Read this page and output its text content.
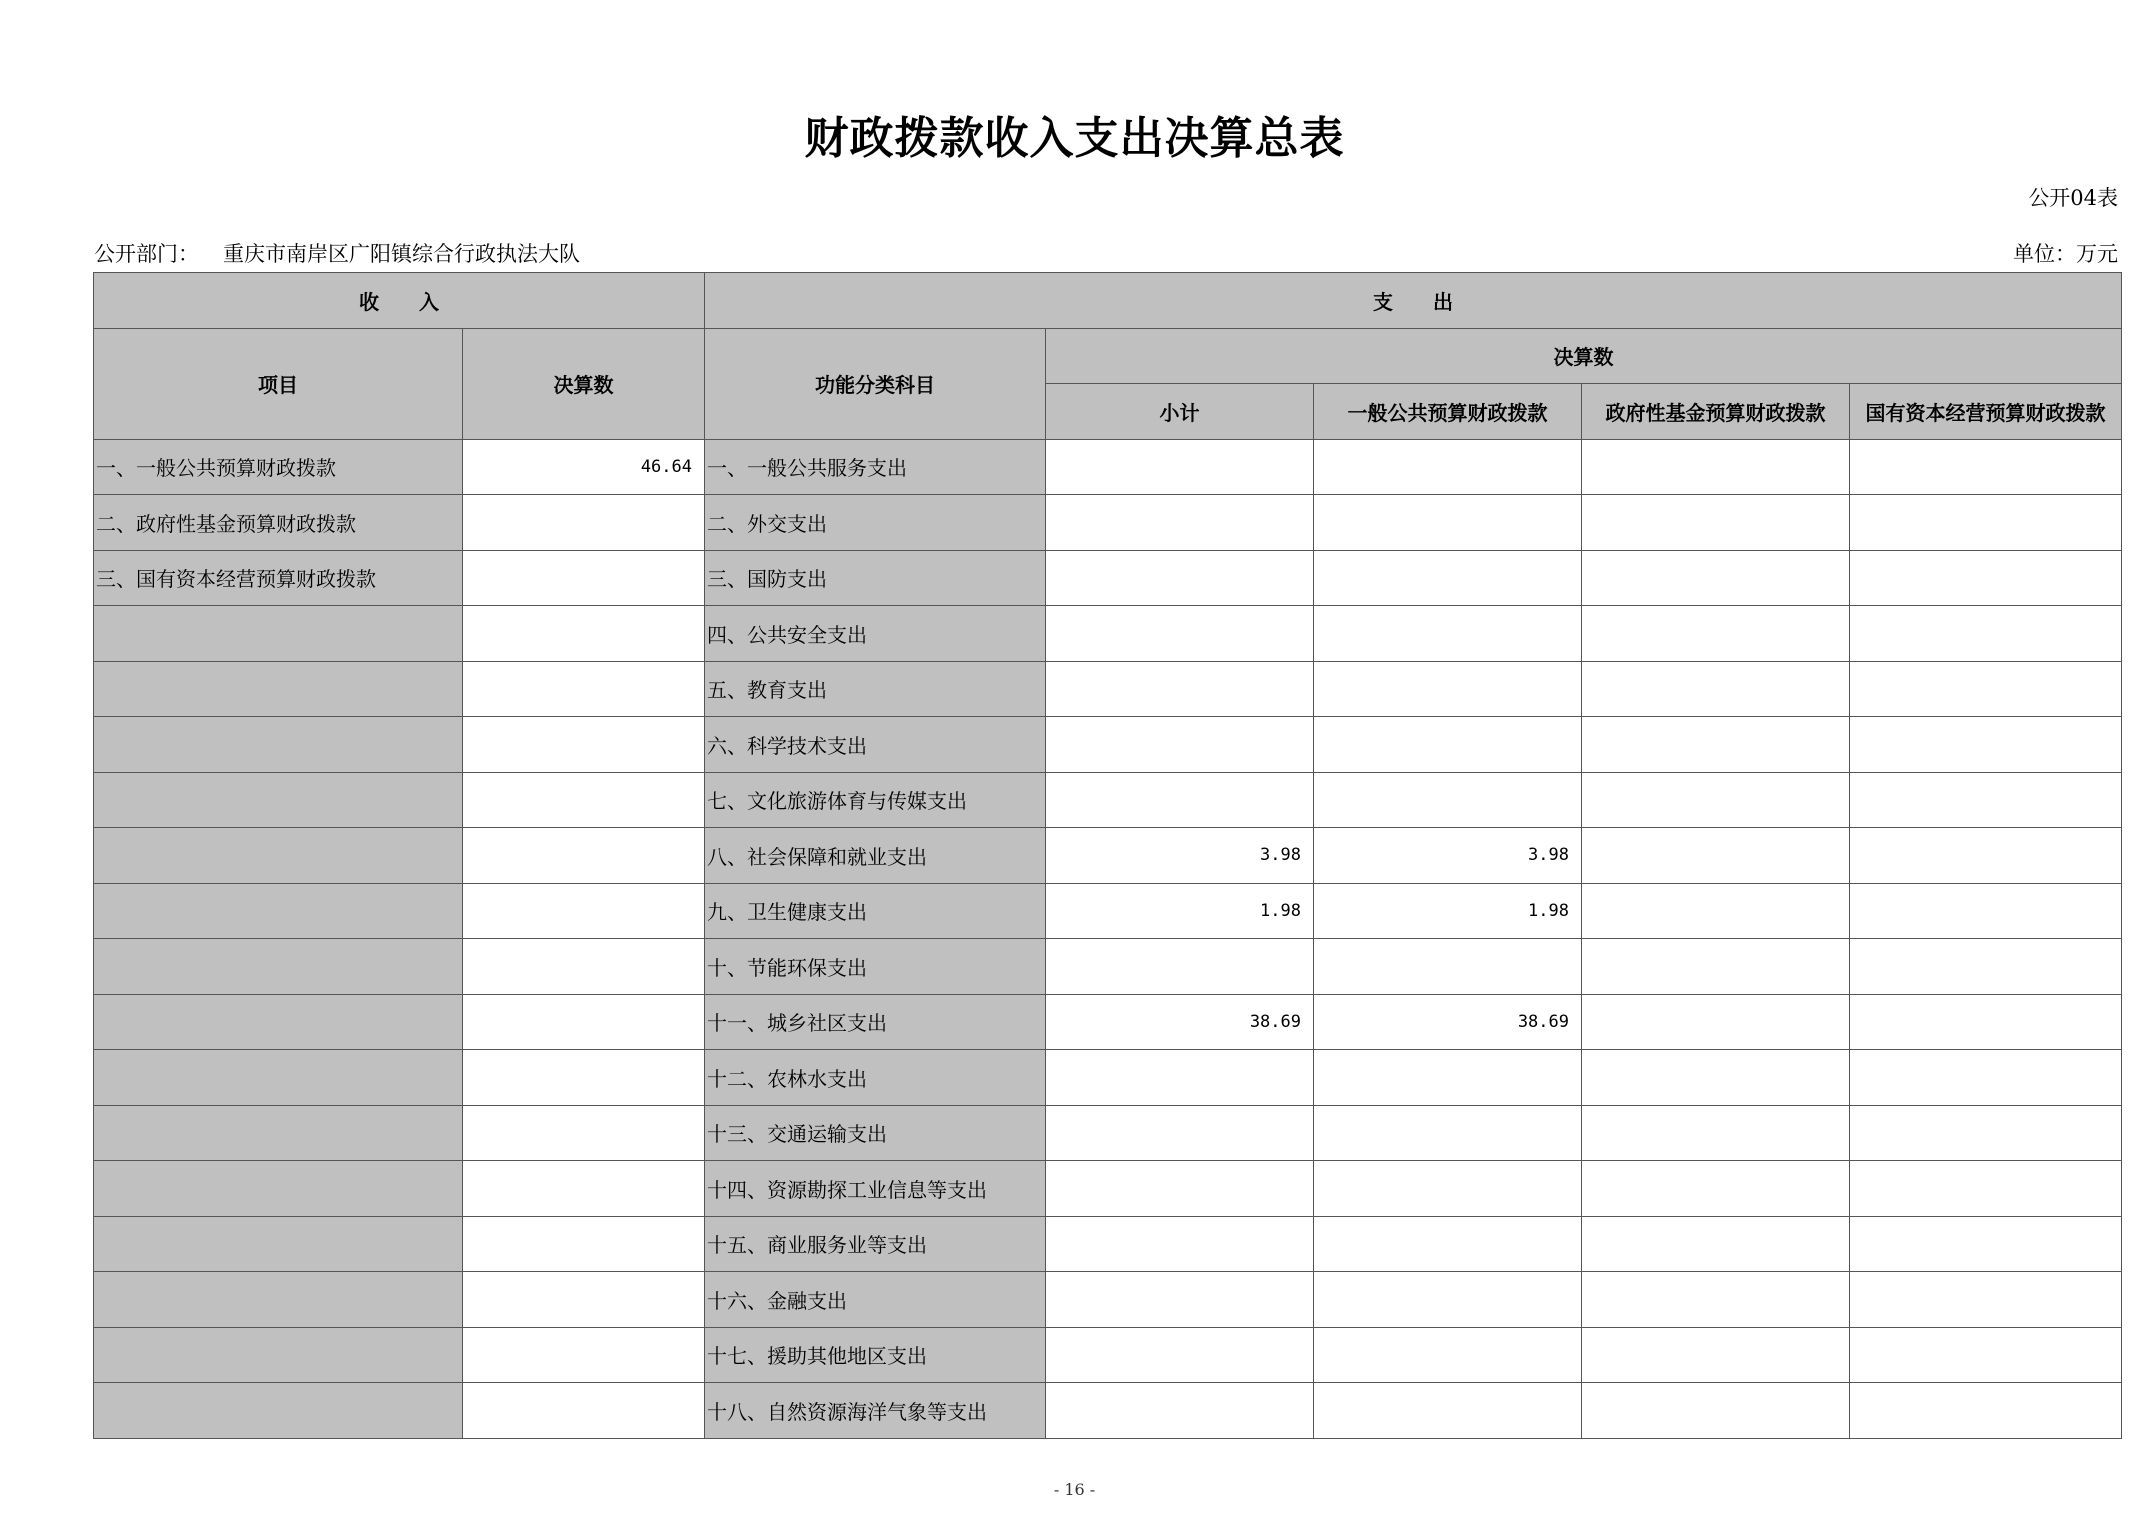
财政拨款收入支出决算总表
公开04表
公开部门： 重庆市南岸区广阳镇综合行政执法大队	单位：万元
收　　入		支　　出				
项目	决算数	功能分类科目	决算数			
			小计	一般公共预算财政拨款	政府性基金预算财政拨款	国有资本经营预算财政拨款
一、一般公共预算财政拨款	46.64	一、一般公共服务支出				
二、政府性基金预算财政拨款		二、外交支出				
三、国有资本经营预算财政拨款		三、国防支出				
		四、公共安全支出				
		五、教育支出				
		六、科学技术支出				
		七、文化旅游体育与传媒支出				
		八、社会保障和就业支出	3.98	3.98		
		九、卫生健康支出	1.98	1.98		
		十、节能环保支出				
		十一、城乡社区支出	38.69	38.69		
		十二、农林水支出				
		十三、交通运输支出				
		十四、资源勘探工业信息等支出				
		十五、商业服务业等支出				
		十六、金融支出				
		十七、援助其他地区支出				
		十八、自然资源海洋气象等支出				
- 16 -
